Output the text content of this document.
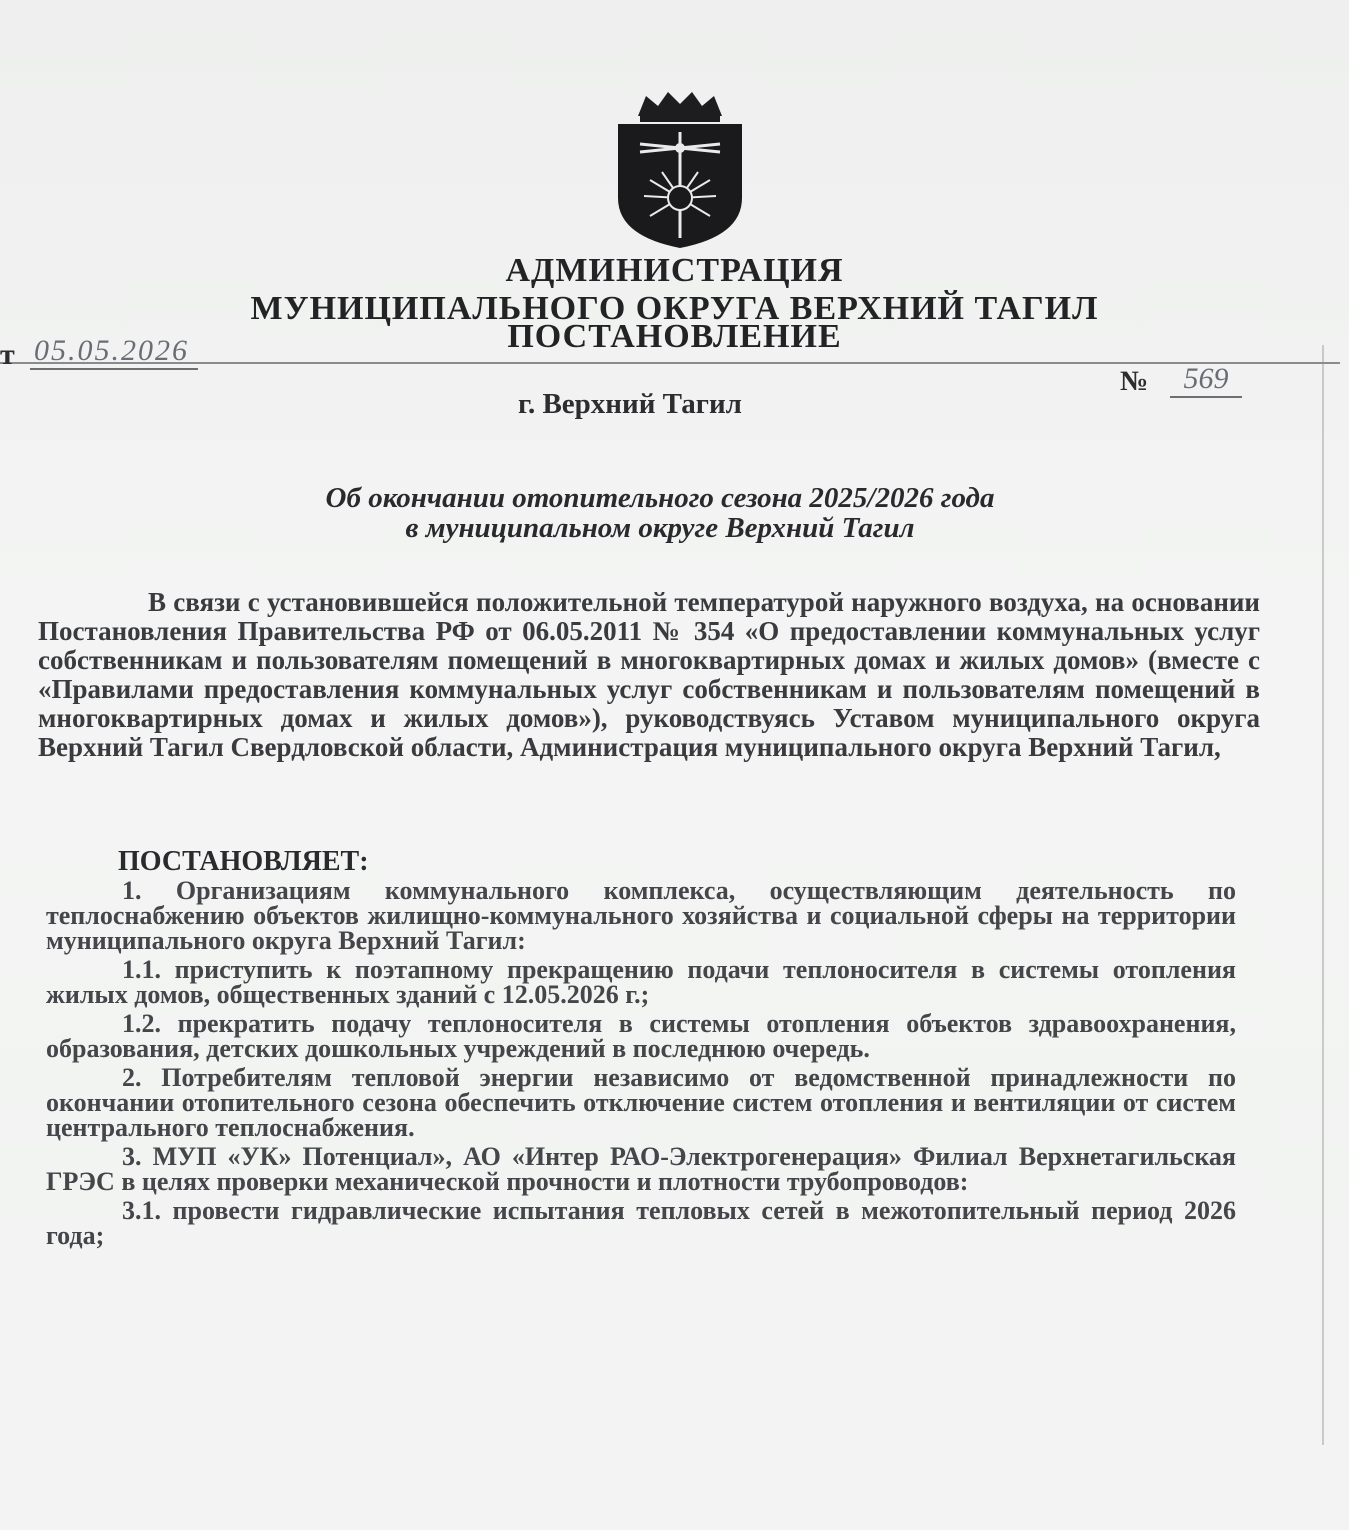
АДМИНИСТРАЦИЯ
МУНИЦИПАЛЬНОГО ОКРУГА ВЕРХНИЙ ТАГИЛ
ПОСТАНОВЛЕНИЕ
т 05.05.2026
№	569
г. Верхний Тагил
Об окончании отопительного сезона 2025/2026 года
в муниципальном округе Верхний Тагил

В связи с установившейся положительной температурой наружного воздуха, на основании Постановления Правительства РФ от 06.05.2011 № 354 «О предоставлении коммунальных услуг собственникам и пользователям помещений в многоквартирных домах и жилых домов» (вместе с «Правилами предоставления коммунальных услуг собственникам и пользователям помещений в многоквартирных домах и жилых домов»), руководствуясь Уставом муниципального округа Верхний Тагил Свердловской области, Администрация муниципального округа Верхний Тагил,

ПОСТАНОВЛЯЕТ:

1. Организациям коммунального комплекса, осуществляющим деятельность по теплоснабжению объектов жилищно-коммунального хозяйства и социальной сферы на территории муниципального округа Верхний Тагил:

1.1. приступить к поэтапному прекращению подачи теплоносителя в системы отопления жилых домов, общественных зданий с 12.05.2026 г.;

1.2. прекратить подачу теплоносителя в системы отопления объектов здравоохранения, образования, детских дошкольных учреждений в последнюю очередь.

2. Потребителям тепловой энергии независимо от ведомственной принадлежности по окончании отопительного сезона обеспечить отключение систем отопления и вентиляции от систем центрального теплоснабжения.

3. МУП «УК» Потенциал», АО «Интер РАО-Электрогенерация» Филиал Верхнетагильская ГРЭС в целях проверки механической прочности и плотности трубопроводов:

3.1. провести гидравлические испытания тепловых сетей в межотопительный период 2026 года;
